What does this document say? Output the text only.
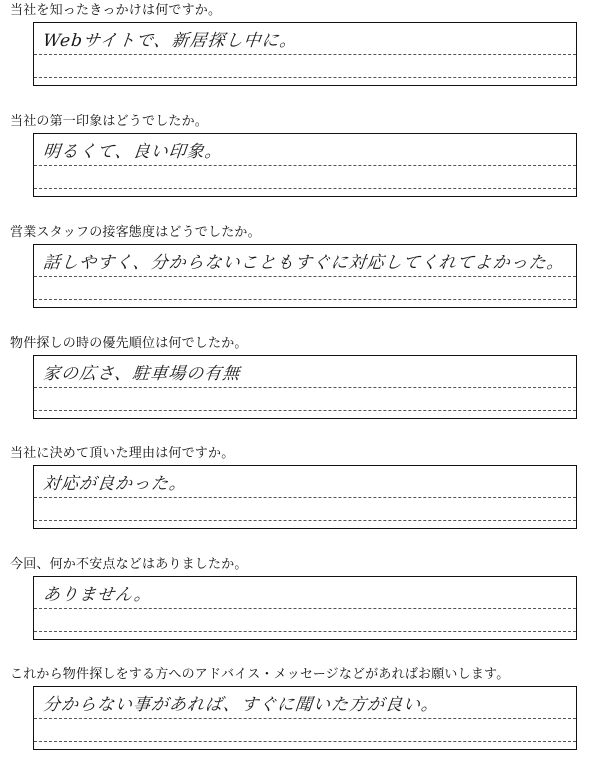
当社を知ったきっかけは何ですか。
Webサイトで、新居探し中に。
当社の第一印象はどうでしたか。
明るくて、良い印象。
営業スタッフの接客態度はどうでしたか。
話しやすく、分からないこともすぐに対応してくれてよかった。
物件探しの時の優先順位は何でしたか。
家の広さ、駐車場の有無
当社に決めて頂いた理由は何ですか。
対応が良かった。
今回、何か不安点などはありましたか。
ありません。
これから物件探しをする方へのアドバイス・メッセージなどがあればお願いします。
分からない事があれば、すぐに聞いた方が良い。
